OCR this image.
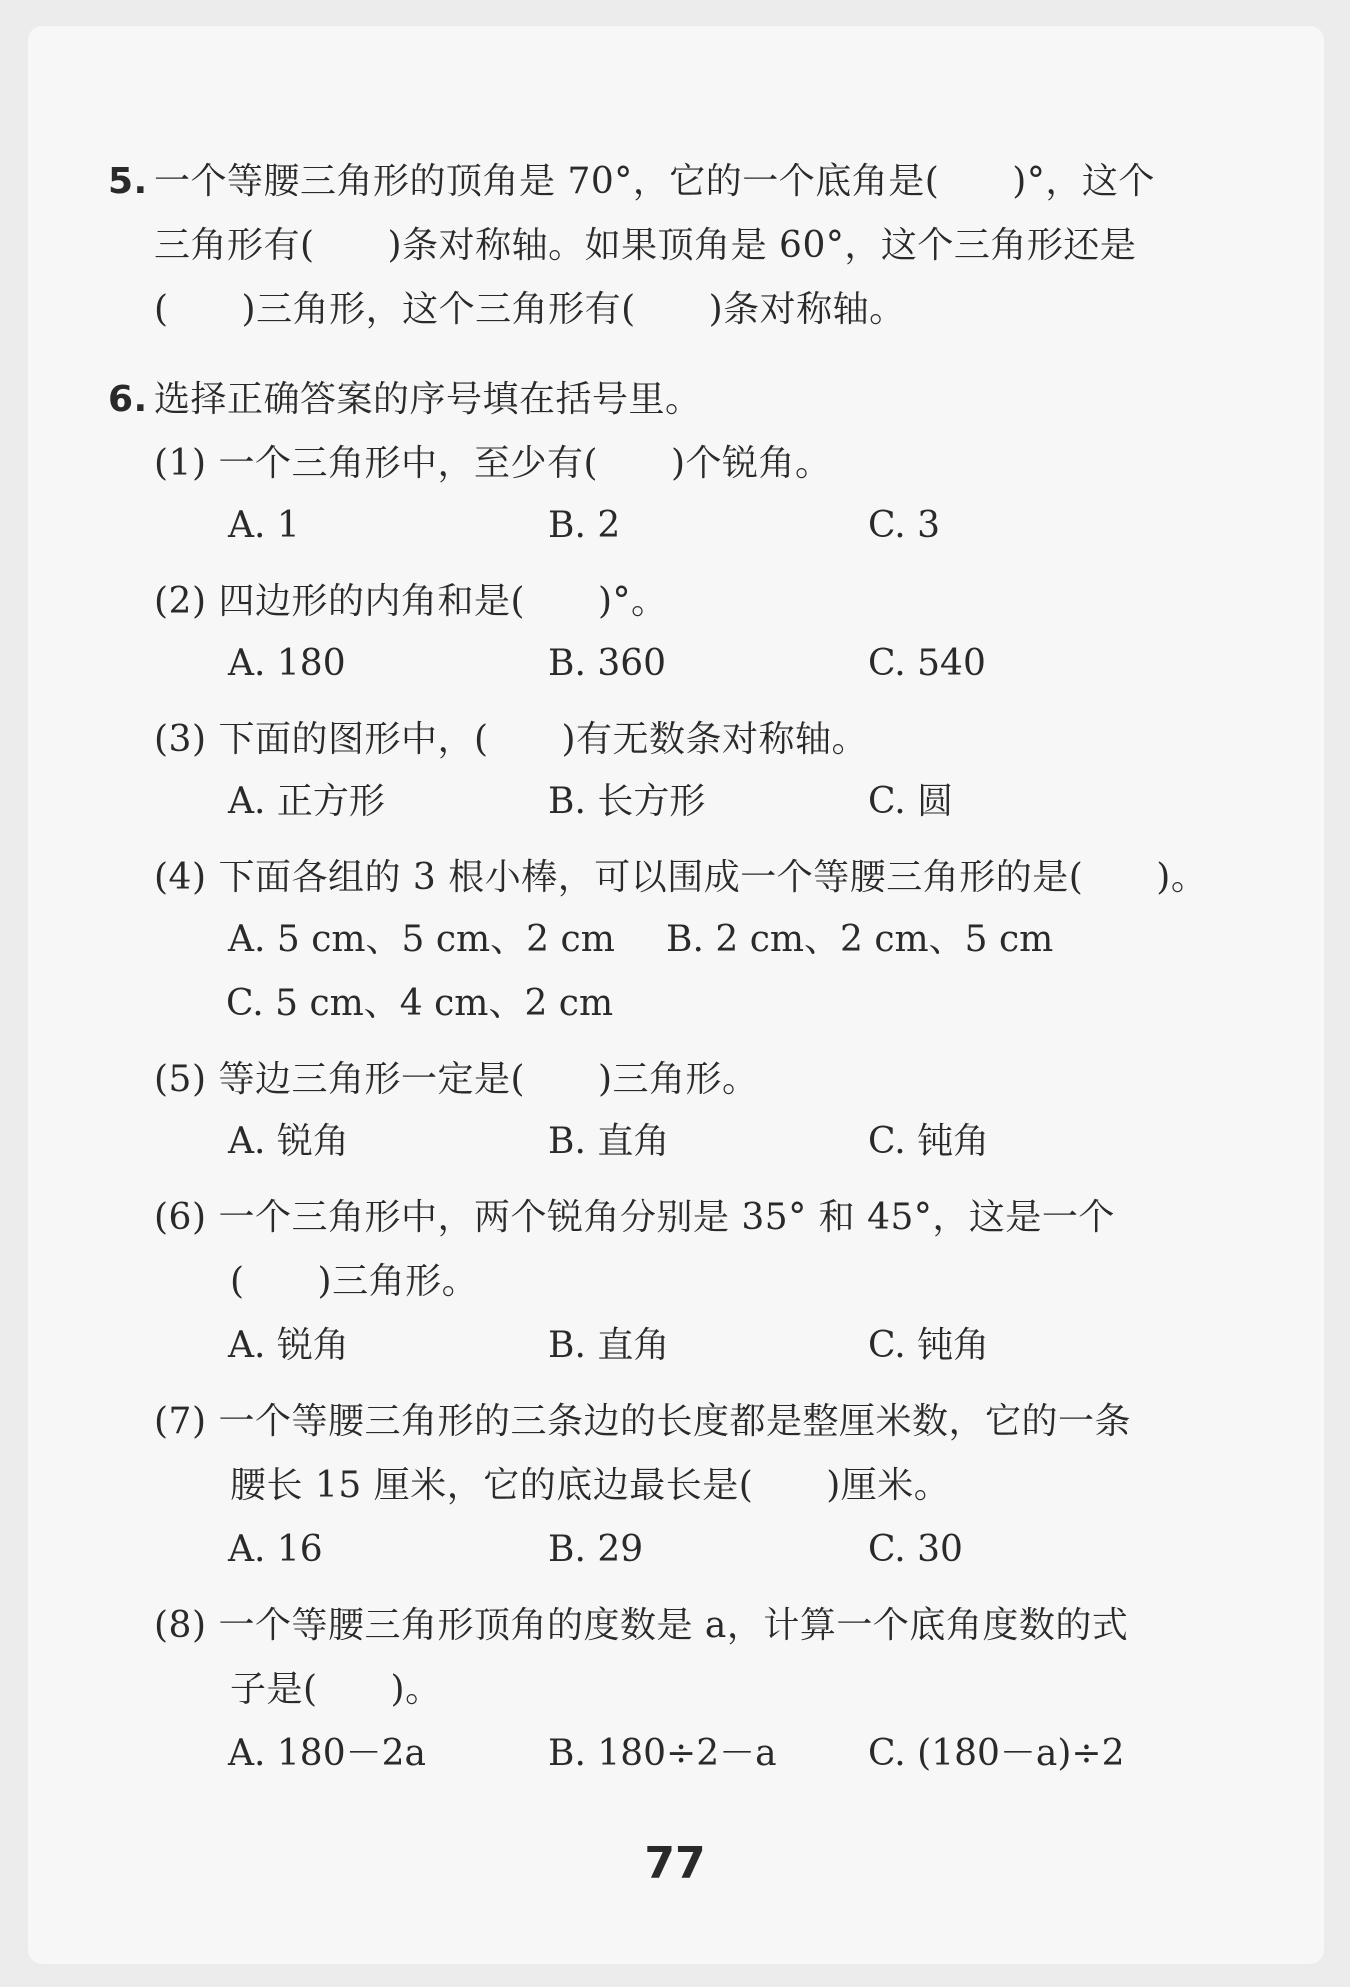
5. 一个等腰三角形的顶角是 70°，它的一个底角是(　　)°，这个
三角形有(　　)条对称轴。如果顶角是 60°，这个三角形还是
(　　)三角形，这个三角形有(　　)条对称轴。
6. 选择正确答案的序号填在括号里。
(1) 一个三角形中，至少有(　　)个锐角。
A. 1	B. 2	C. 3
(2) 四边形的内角和是(　　)°。
A. 180	B. 360	C. 540
(3) 下面的图形中，(　　)有无数条对称轴。
A. 正方形	B. 长方形	C. 圆
(4) 下面各组的 3 根小棒，可以围成一个等腰三角形的是(　　)。
A. 5 cm、5 cm、2 cm B. 2 cm、2 cm、5 cm
C. 5 cm、4 cm、2 cm
(5) 等边三角形一定是(　　)三角形。
A. 锐角	B. 直角	C. 钝角
(6) 一个三角形中，两个锐角分别是 35° 和 45°，这是一个
(　　)三角形。
A. 锐角	B. 直角	C. 钝角
(7) 一个等腰三角形的三条边的长度都是整厘米数，它的一条
腰长 15 厘米，它的底边最长是(　　)厘米。
A. 16	B. 29	C. 30
(8) 一个等腰三角形顶角的度数是 a，计算一个底角度数的式
子是(　　)。
A. 180－2a	B. 180÷2－a	C. (180－a)÷2
77
